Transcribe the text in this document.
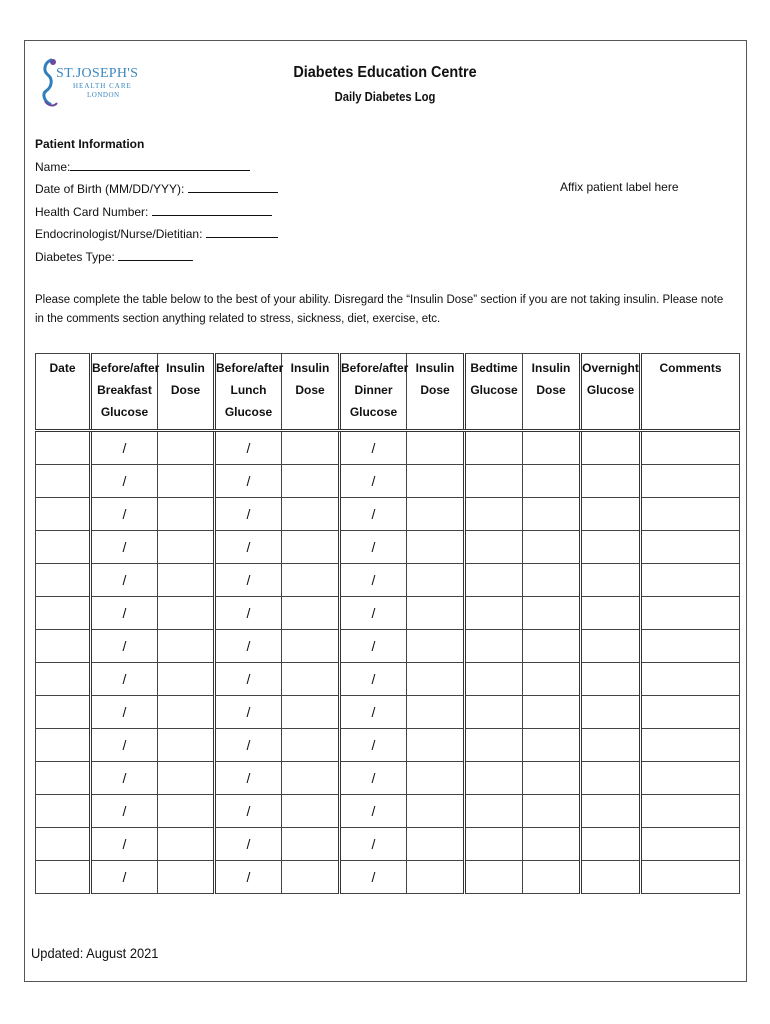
ST.JOSEPH'S
HEALTH CARE
LONDON
Diabetes Education Centre
Daily Diabetes Log
Patient Information
Name:
Date of Birth (MM/DD/YYY):
Health Card Number:
Endocrinologist/Nurse/Dietitian:
Diabetes Type:
Affix patient label here
Please complete the table below to the best of your ability. Disregard the “Insulin Dose” section if you are not taking insulin. Please note in the comments section anything related to stress, sickness, diet, exercise, etc.
Date	Before/after Breakfast Glucose	Insulin Dose	Before/after Lunch Glucose	Insulin Dose	Before/after Dinner Glucose	Insulin Dose	Bedtime Glucose	Insulin Dose	Overnight Glucose	Comments
	/		/		/					
	/		/		/					
	/		/		/					
	/		/		/					
	/		/		/					
	/		/		/					
	/		/		/					
	/		/		/					
	/		/		/					
	/		/		/					
	/		/		/					
	/		/		/					
	/		/		/					
	/		/		/					
Updated: August 2021
